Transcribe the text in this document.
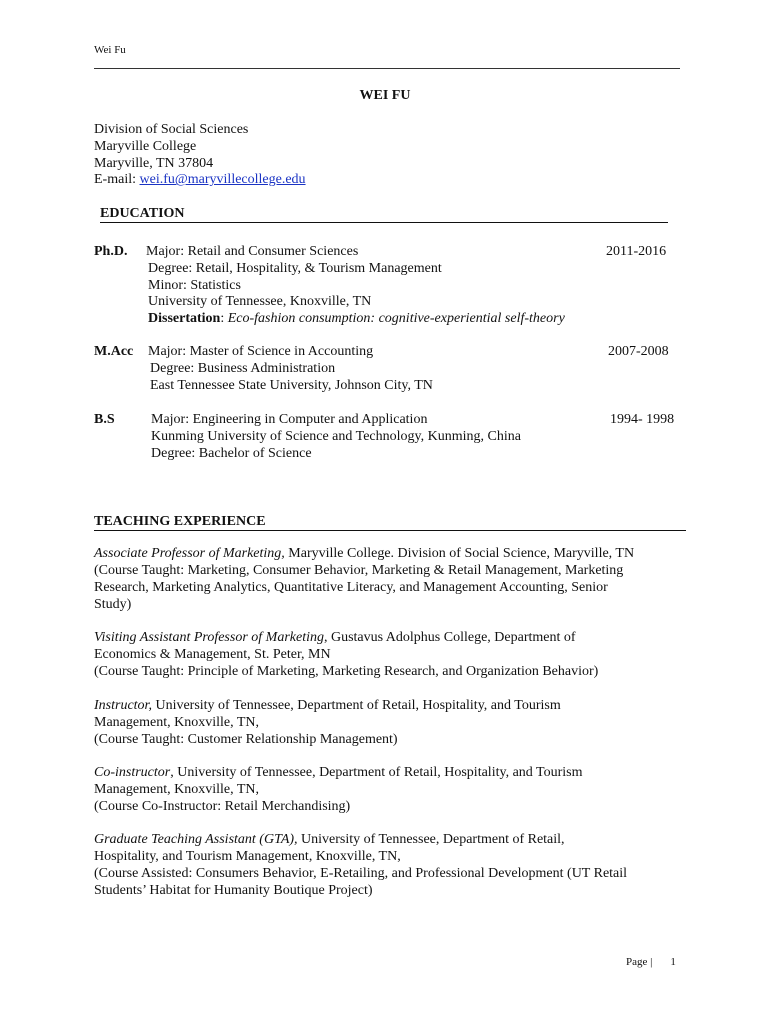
Wei Fu
WEI FU
Division of Social Sciences
Maryville College
Maryville, TN 37804
E-mail: wei.fu@maryvillecollege.edu
EDUCATION
Ph.D. Major: Retail and Consumer Sciences
Degree: Retail, Hospitality, & Tourism Management
Minor: Statistics
University of Tennessee, Knoxville, TN
Dissertation: Eco-fashion consumption: cognitive-experiential self-theory
2011-2016
M.Acc Major: Master of Science in Accounting
Degree: Business Administration
East Tennessee State University, Johnson City, TN
2007-2008
B.S	Major: Engineering in Computer and Application
Kunming University of Science and Technology, Kunming, China
Degree: Bachelor of Science
1994- 1998
TEACHING EXPERIENCE
Associate Professor of Marketing, Maryville College. Division of Social Science, Maryville, TN
(Course Taught: Marketing, Consumer Behavior, Marketing & Retail Management, Marketing
Research, Marketing Analytics, Quantitative Literacy, and Management Accounting, Senior
Study)
Visiting Assistant Professor of Marketing, Gustavus Adolphus College, Department of
Economics & Management, St. Peter, MN
(Course Taught: Principle of Marketing, Marketing Research, and Organization Behavior)
Instructor, University of Tennessee, Department of Retail, Hospitality, and Tourism
Management, Knoxville, TN,
(Course Taught: Customer Relationship Management)
Co-instructor, University of Tennessee, Department of Retail, Hospitality, and Tourism
Management, Knoxville, TN,
(Course Co-Instructor: Retail Merchandising)
Graduate Teaching Assistant (GTA), University of Tennessee, Department of Retail,
Hospitality, and Tourism Management, Knoxville, TN,
(Course Assisted: Consumers Behavior, E-Retailing, and Professional Development (UT Retail
Students’ Habitat for Humanity Boutique Project)
Page | 1
